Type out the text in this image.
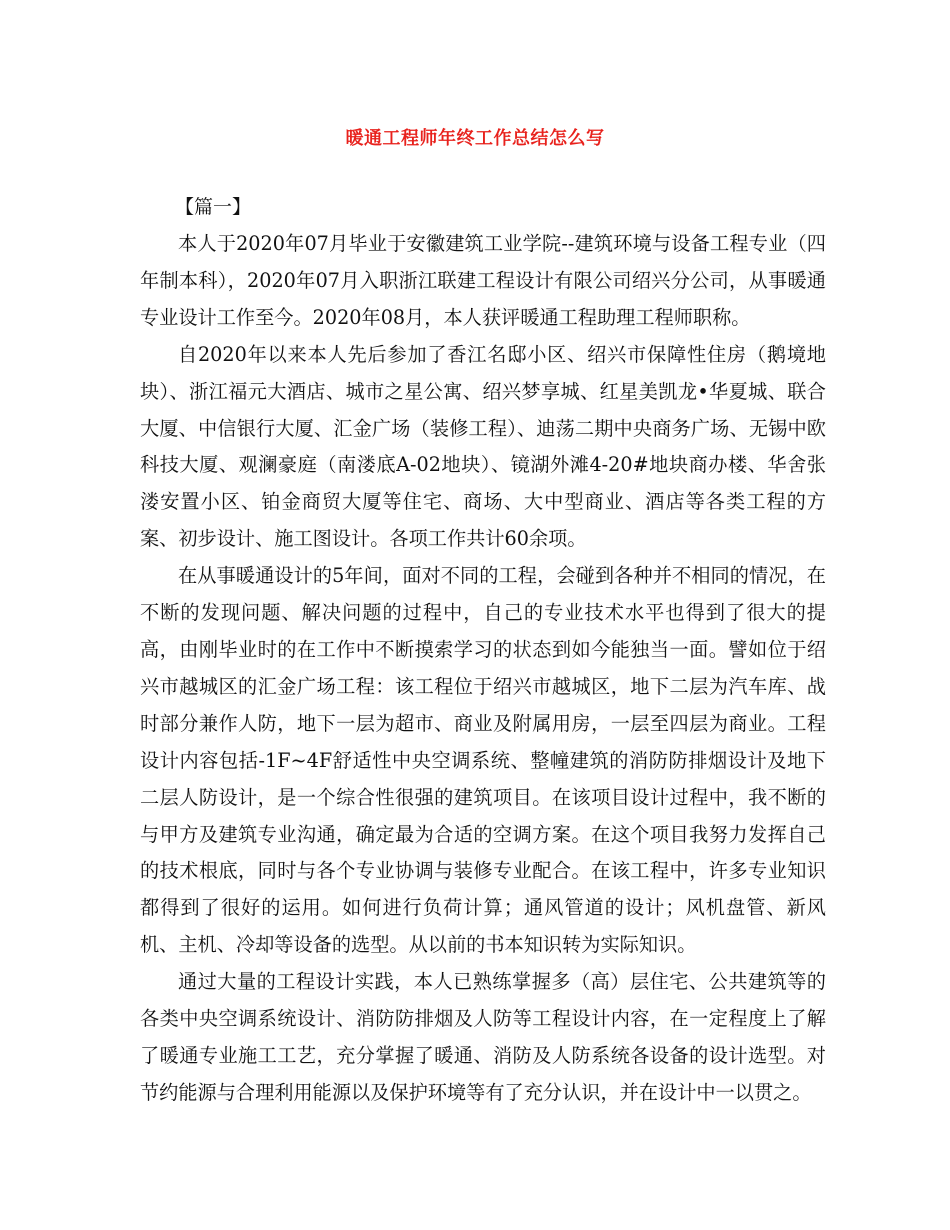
暖通工程师年终工作总结怎么写
【篇一】

本人于2020年07月毕业于安徽建筑工业学院--建筑环境与设备工程专业（四年制本科），2020年07月入职浙江联建工程设计有限公司绍兴分公司，从事暖通专业设计工作至今。2020年08月，本人获评暖通工程助理工程师职称。

自2020年以来本人先后参加了香江名邸小区、绍兴市保障性住房（鹅境地块）、浙江福元大酒店、城市之星公寓、绍兴梦享城、红星美凯龙•华夏城、联合大厦、中信银行大厦、汇金广场（装修工程）、迪荡二期中央商务广场、无锡中欧科技大厦、观澜豪庭（南溇底A-02地块）、镜湖外滩4-20#地块商办楼、华舍张溇安置小区、铂金商贸大厦等住宅、商场、大中型商业、酒店等各类工程的方案、初步设计、施工图设计。各项工作共计60余项。

在从事暖通设计的5年间，面对不同的工程，会碰到各种并不相同的情况，在不断的发现问题、解决问题的过程中，自己的专业技术水平也得到了很大的提高，由刚毕业时的在工作中不断摸索学习的状态到如今能独当一面。譬如位于绍兴市越城区的汇金广场工程：该工程位于绍兴市越城区，地下二层为汽车库、战时部分兼作人防，地下一层为超市、商业及附属用房，一层至四层为商业。工程设计内容包括-1F~4F舒适性中央空调系统、整幢建筑的消防防排烟设计及地下二层人防设计，是一个综合性很强的建筑项目。在该项目设计过程中，我不断的与甲方及建筑专业沟通，确定最为合适的空调方案。在这个项目我努力发挥自己的技术根底，同时与各个专业协调与装修专业配合。在该工程中，许多专业知识都得到了很好的运用。如何进行负荷计算；通风管道的设计；风机盘管、新风机、主机、冷却等设备的选型。从以前的书本知识转为实际知识。

通过大量的工程设计实践，本人已熟练掌握多（高）层住宅、公共建筑等的各类中央空调系统设计、消防防排烟及人防等工程设计内容，在一定程度上了解了暖通专业施工工艺，充分掌握了暖通、消防及人防系统各设备的设计选型。对节约能源与合理利用能源以及保护环境等有了充分认识，并在设计中一以贯之。
